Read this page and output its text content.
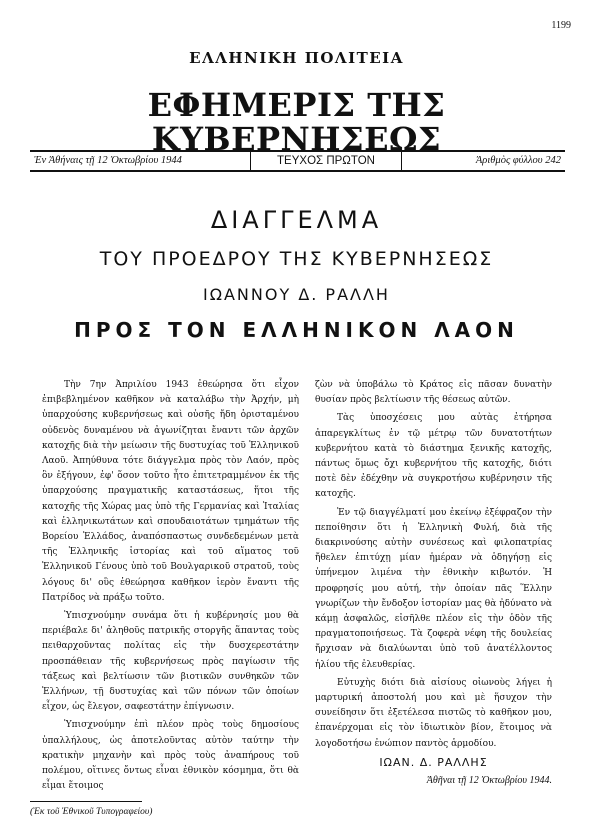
1199
ΕΛΛΗΝΙΚΗ ΠΟΛΙΤΕΙΑ
ΕΦΗΜΕΡΙΣ ΤΗΣ ΚΥΒΕΡΝΗΣΕΩΣ
Ἐν Ἀθήναις τῇ 12 Ὀκτωβρίου 1944	ΤΕΥΧΟΣ ΠΡΩΤΟΝ	Ἀριθμὸς φύλλου 242
ΔΙΑΓΓΕΛΜΑ
ΤΟΥ ΠΡΟΕΔΡΟΥ ΤΗΣ ΚΥΒΕΡΝΗΣΕΩΣ
ΙΩΑΝΝΟΥ Δ. ΡΑΛΛΗ
ΠΡΟΣ ΤΟΝ ΕΛΛΗΝΙΚΟΝ ΛΑΟΝ

Τὴν 7ην Ἀπριλίου 1943 ἐθεώρησα ὅτι εἶχον ἐπιβεβλημένον καθῆκον νὰ καταλάβω τὴν Ἀρχήν, μὴ ὑπαρχούσης κυβερνήσεως καὶ οὐσῆς ἤδη ὁρισταμένου οὐδενὸς δυναμένου νὰ ἀγωνίζηται ἔναντι τῶν ἀρχῶν κατοχῆς διὰ τὴν μείωσιν τῆς δυστυχίας τοῦ Ἑλληνικοῦ Λαοῦ. Ἀπηύθυνα τότε διάγγελμα πρὸς τὸν Λαόν, πρὸς ὃν ἐξήγουν, ἐφ' ὅσον τοῦτο ἦτο ἐπιτετραμμένον ἐκ τῆς ὑπαρχούσης πραγματικῆς καταστάσεως, ἥτοι τῆς κατοχῆς τῆς Χώρας μας ὑπὸ τῆς Γερμανίας καὶ Ἰταλίας καὶ ἑλληνικωτάτων καὶ σπουδαιοτάτων τμημάτων τῆς Βορείου Ἑλλάδος, ἀναπόσπαστως συνδεδεμένων μετὰ τῆς Ἑλληνικῆς ἱστορίας καὶ τοῦ αἵματος τοῦ Ἑλληνικοῦ Γένους ὑπὸ τοῦ Βουλγαρικοῦ στρατοῦ, τοὺς λόγους δι' οὓς ἐθεώρησα καθῆκον ἱερὸν ἔναντι τῆς Πατρίδος νὰ πράξω τοῦτο.

Ὑπισχνούμην συνάμα ὅτι ἡ κυβέρνησίς μου θὰ περιέβαλε δι' ἀληθοῦς πατρικῆς στοργῆς ἅπαντας τοὺς πειθαρχοῦντας πολίτας εἰς τὴν δυσχερεστάτην προσπάθειαν τῆς κυβερνήσεως πρὸς παγίωσιν τῆς τάξεως καὶ βελτίωσιν τῶν βιοτικῶν συνθηκῶν τῶν Ἑλλήνων, τῇ δυστυχίας καὶ τῶν πόνων τῶν ὁποίων εἶχον, ὡς ἔλεγον, σαφεστάτην ἐπίγνωσιν.

Ὑπισχνούμην ἐπὶ πλέον πρὸς τοὺς δημοσίους ὑπαλλήλους, ὡς ἀποτελοῦντας αὐτὸν ταύτην τὴν κρατικὴν μηχανὴν καὶ πρὸς τοὺς ἀναπήρους τοῦ πολέμου, οἵτινες ὄντως εἶναι ἐθνικὸν κόσμημα, ὅτι θὰ εἶμαι ἕτοιμος

ζὼν νὰ ὑποβάλω τὸ Κράτος εἰς πᾶσαν δυνατὴν θυσίαν πρὸς βελτίωσιν τῆς θέσεως αὐτῶν.

Τὰς ὑποσχέσεις μου αὐτὰς ἐτήρησα ἀπαρεγκλίτως ἐν τῷ μέτρῳ τῶν δυνατοτήτων κυβερνήτου κατὰ τὸ διάστημα ξενικῆς κατοχῆς, πάντως ὅμως ὄχι κυβερνήτου τῆς κατοχῆς, διότι ποτὲ δὲν ἐδέχθην νὰ συγκροτήσω κυβέρνησιν τῆς κατοχῆς.

Ἐν τῷ διαγγέλματί μου ἐκείνῳ ἐξέφραζον τὴν πεποίθησιν ὅτι ἡ Ἑλληνικὴ Φυλή, διὰ τῆς διακρινούσης αὐτὴν συνέσεως καὶ φιλοπατρίας ἤθελεν ἐπιτύχῃ μίαν ἡμέραν νὰ ὁδηγήσῃ εἰς ὑπήνεμον λιμένα τὴν ἐθνικὴν κιβωτόν. Ἡ προφρησίς μου αὐτή, τὴν ὁποίαν πᾶς Ἕλλην γνωρίζων τὴν ἔνδοξον ἱστορίαν μας θὰ ἠδύνατο νὰ κάμῃ ἀσφαλῶς, εἰσῆλθε πλέον εἰς τὴν ὁδὸν τῆς πραγματοποιήσεως. Τὰ ζοφερὰ νέφη τῆς δουλείας ἤρχισαν νὰ διαλύωνται ὑπὸ τοῦ ἀνατέλλοντος ἡλίου τῆς ἐλευθερίας.

Εὐτυχὴς διότι διὰ αἰσίους οἰωνοὺς λήγει ἡ μαρτυρική ἀποστολή μου καὶ μὲ ἥσυχον τὴν συνείδησιν ὅτι ἐξετέλεσα πιστῶς τὸ καθῆκον μου, ἐπανέρχομαι εἰς τὸν ἰδιωτικὸν βίον, ἕτοιμος νὰ λογοδοτήσω ἐνώπιον παντὸς ἁρμοδίου.

ΙΩΑΝ. Δ. ΡΑΛΛΗΣ

Ἀθῆναι τῇ 12 Ὀκτωβρίου 1944.

(Ἐκ τοῦ Ἐθνικοῦ Τυπογραφείου)
